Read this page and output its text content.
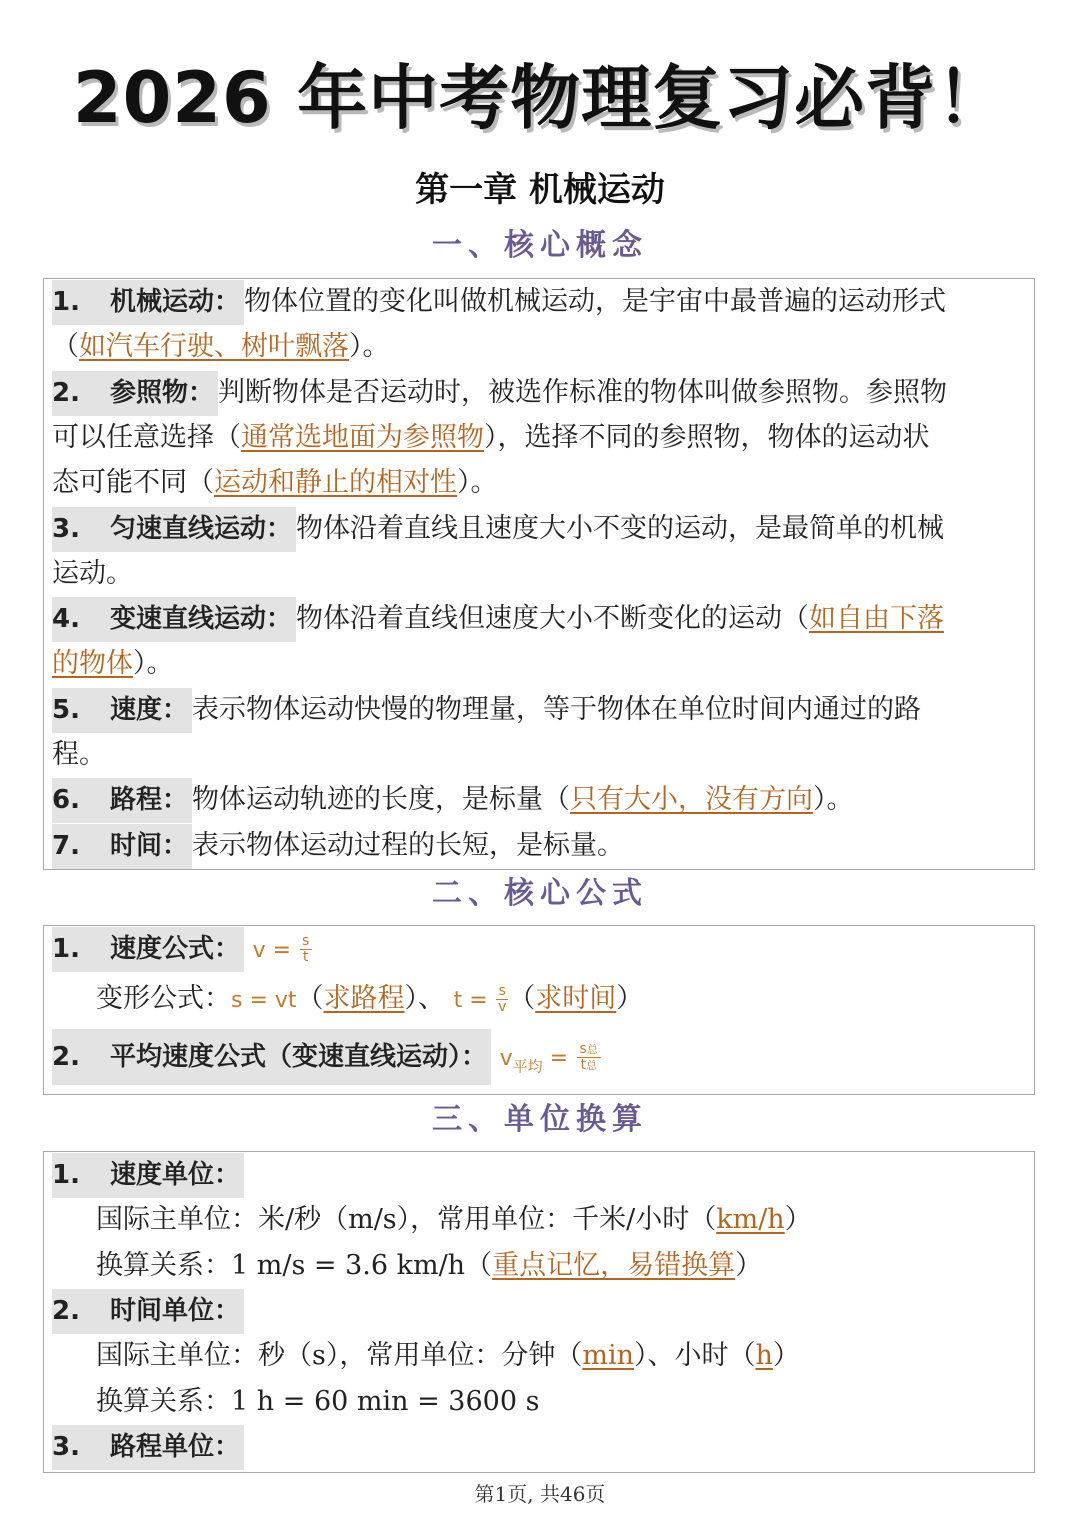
2026 年中考物理复习必背！
第一章 机械运动
一、核心概念
1. 机械运动： 物体位置的变化叫做机械运动，是宇宙中最普遍的运动形式
（如汽车行驶、树叶飘落）。
2. 参照物： 判断物体是否运动时，被选作标准的物体叫做参照物。参照物
可以任意选择（通常选地面为参照物），选择不同的参照物，物体的运动状
态可能不同（运动和静止的相对性）。
3. 匀速直线运动： 物体沿着直线且速度大小不变的运动，是最简单的机械
运动。
4. 变速直线运动： 物体沿着直线但速度大小不断变化的运动（如自由下落
的物体）。
5. 速度： 表示物体运动快慢的物理量，等于物体在单位时间内通过的路
程。
6. 路程： 物体运动轨迹的长度，是标量（只有大小，没有方向）。
7. 时间： 表示物体运动过程的长短，是标量。
二、核心公式
1. 速度公式： $v = \frac{s}{t}$
变形公式：s = vt（求路程）、 $t = \frac{s}{v}$ （求时间）
2. 平均速度公式（变速直线运动）： $v_{平均} = \frac{\text{s总}}{\text{t总}}$
三、单位换算
1. 速度单位：
国际主单位：米/秒（m/s），常用单位：千米/小时（km/h）
换算关系：1 m/s = 3.6 km/h（重点记忆，易错换算）
2. 时间单位：
国际主单位：秒（s），常用单位：分钟（min）、小时（h）
换算关系：1 h = 60 min = 3600 s
3. 路程单位：
第1页, 共46页
